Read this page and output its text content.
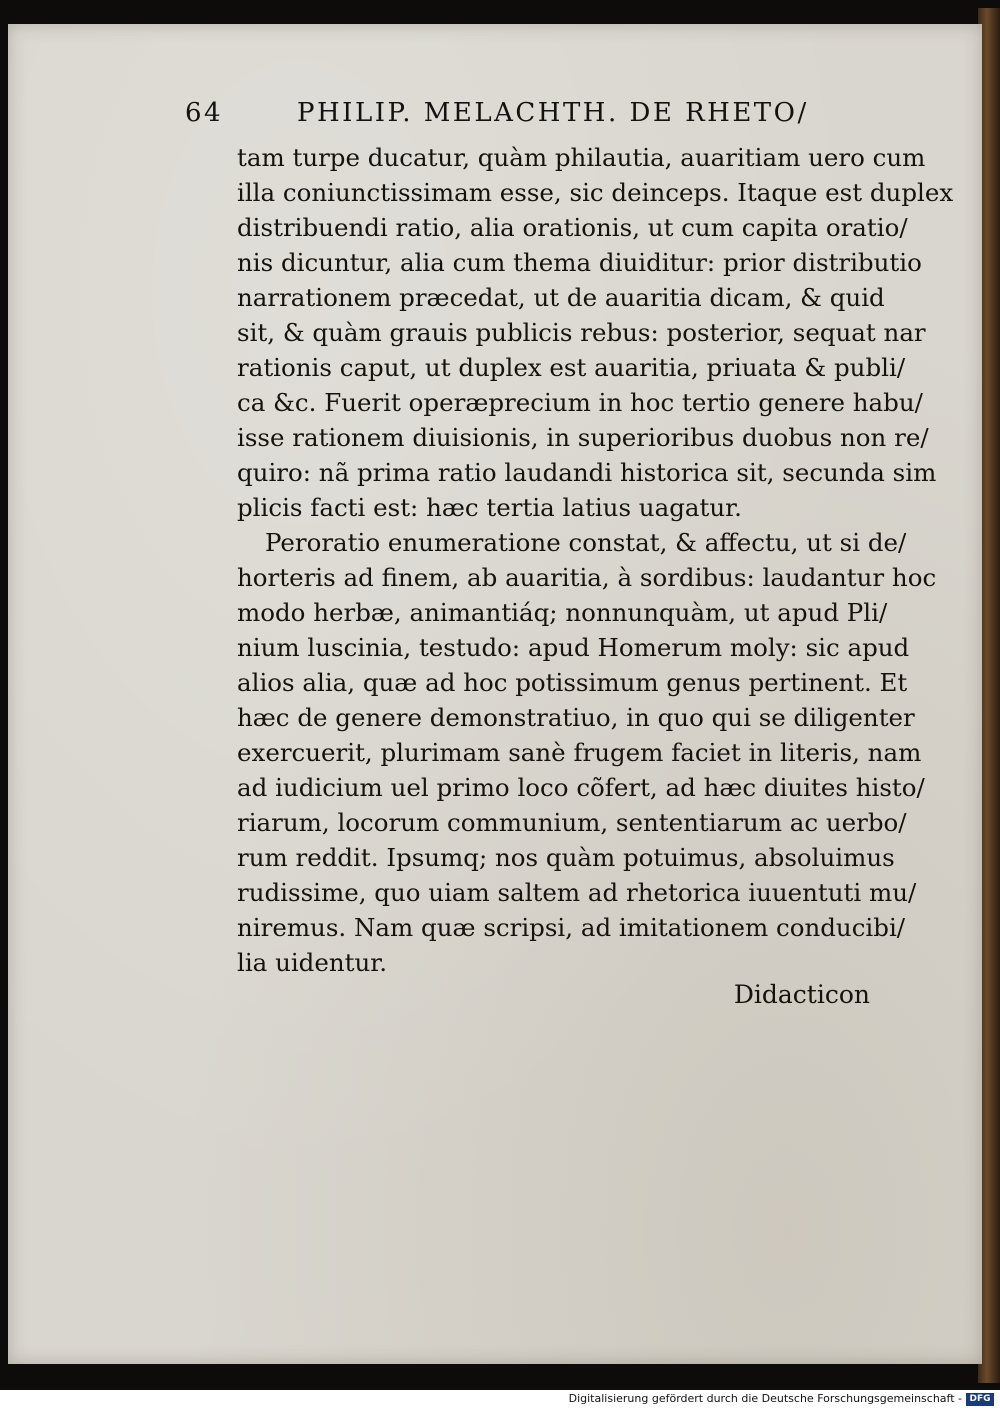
64	PHILIP. MELACHTH. DE RHETO/
tam turpe ducatur, quàm philautia, auaritiam uero cum
illa coniunctissimam esse, sic deinceps. Itaque est duplex
distribuendi ratio, alia orationis, ut cum capita oratio/
nis dicuntur, alia cum thema diuiditur: prior distributio
narrationem præcedat, ut de auaritia dicam, & quid
sit, & quàm grauis publicis rebus: posterior, sequat nar
rationis caput, ut duplex est auaritia, priuata & publi/
ca &c. Fuerit operæprecium in hoc tertio genere habu/
isse rationem diuisionis, in superioribus duobus non re/
quiro: nã prima ratio laudandi historica sit, secunda sim
plicis facti est: hæc tertia latius uagatur.
Peroratio enumeratione constat, & affectu, ut si de/
horteris ad finem, ab auaritia, à sordibus: laudantur hoc
modo herbæ, animantiáq; nonnunquàm, ut apud Pli/
nium luscinia, testudo: apud Homerum moly: sic apud
alios alia, quæ ad hoc potissimum genus pertinent. Et
hæc de genere demonstratiuo, in quo qui se diligenter
exercuerit, plurimam sanè frugem faciet in literis, nam
ad iudicium uel primo loco cõfert, ad hæc diuites histo/
riarum, locorum communium, sententiarum ac uerbo/
rum reddit. Ipsumq; nos quàm potuimus, absoluimus
rudissime, quo uiam saltem ad rhetorica iuuentuti mu/
niremus. Nam quæ scripsi, ad imitationem conducibi/
lia uidentur.
Didacticon
Digitalisierung gefördert durch die Deutsche Forschungsgemeinschaft - DFG
